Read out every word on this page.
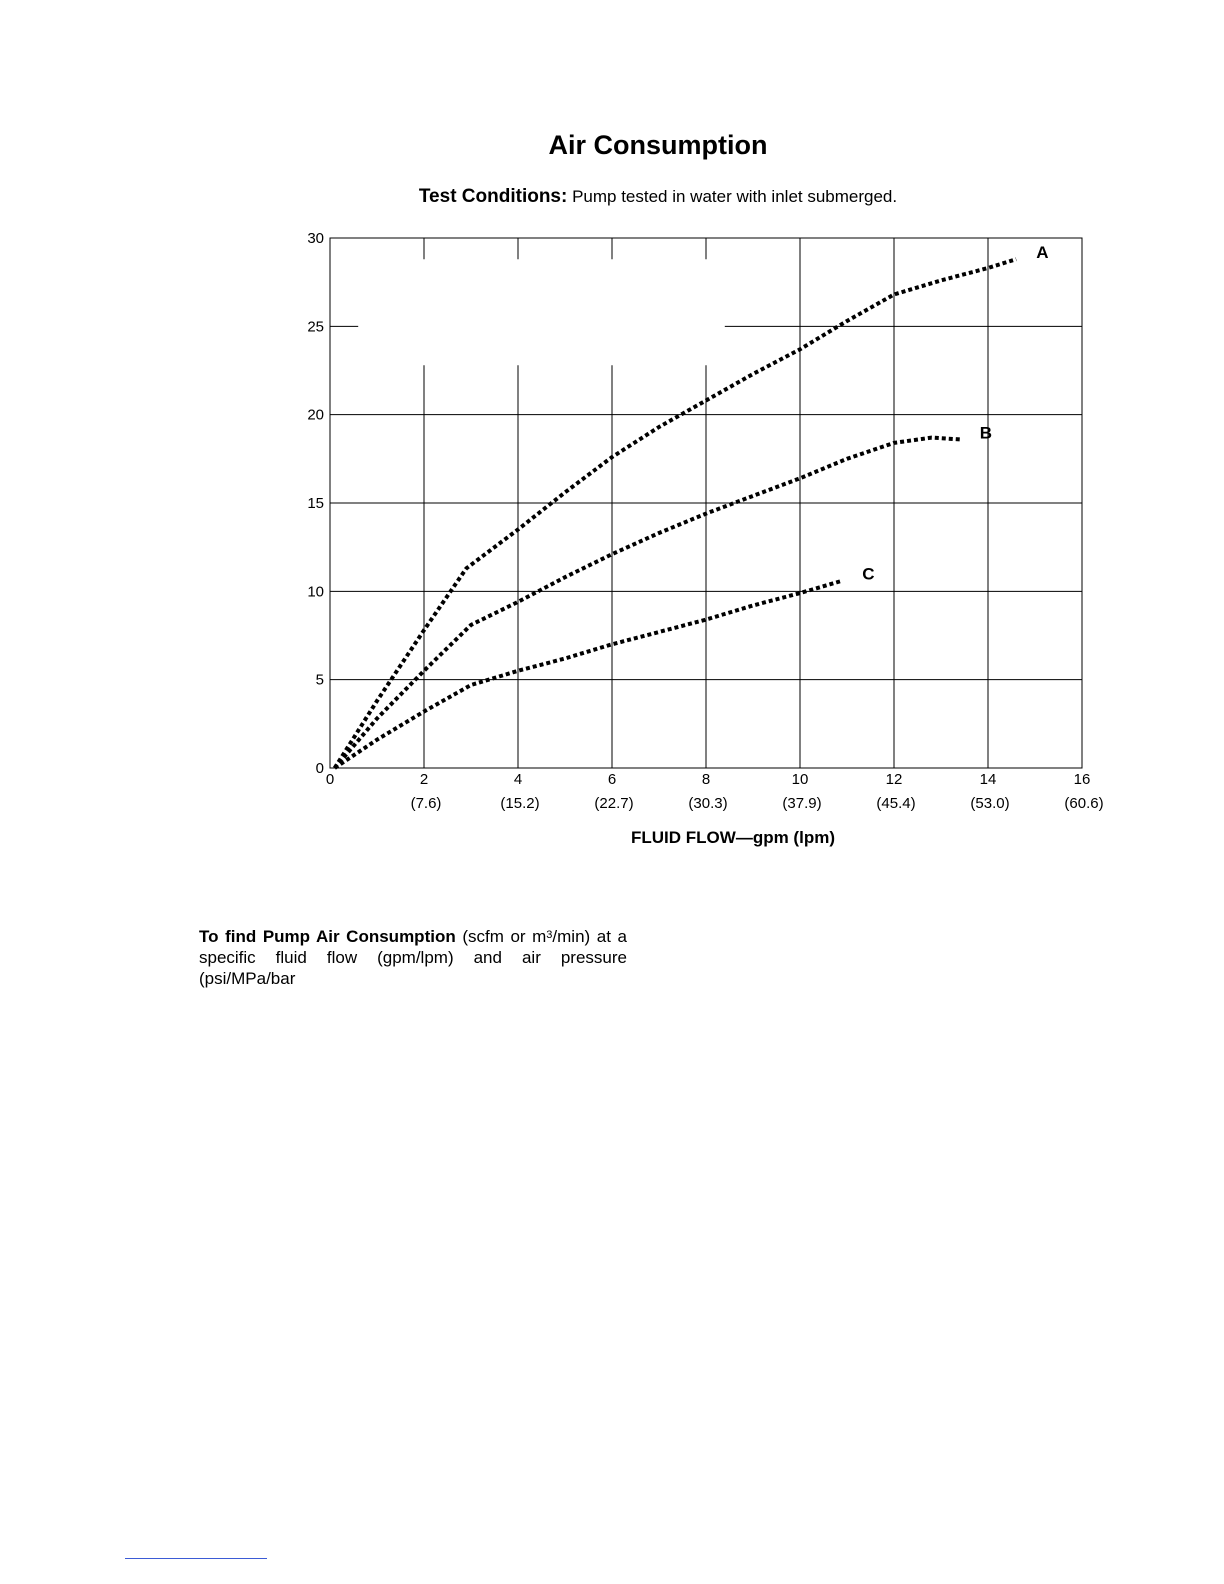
Air Consumption
Test Conditions: Pump tested in water with inlet submerged.
0	2
(7.6)
4
(15.2)
6
(22.7)
8
(30.3)
10
(37.9)
12
(45.4)
14
(53.0)
16
(60.6)
0
5
10
15
20
25
30
A
B
C
FLUID FLOW—gpm (lpm)
To find Pump Air Consumption (scfm or $m^3/\min$) at a specific fluid flow (gpm/lpm) and air pressure (psi/MPa/bar
